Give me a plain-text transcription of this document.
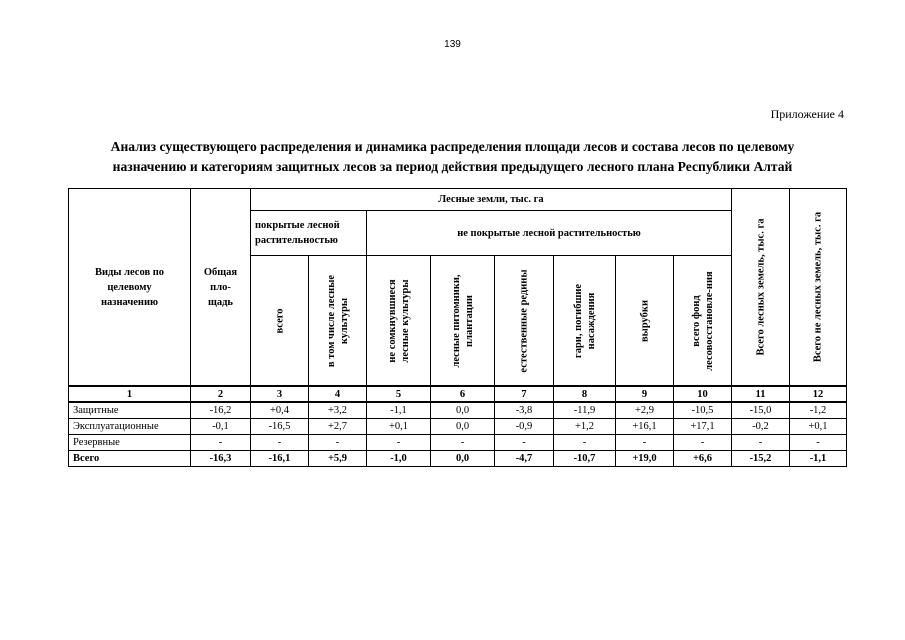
139
Приложение 4
Анализ существующего распределения и динамика распределения площади лесов и состава лесов по целевому
назначению и категориям защитных лесов за период действия предыдущего лесного плана Республики Алтай
Виды лесов по целевому назначению	Общая пло-щадь	Лесные земли, тыс. га								Всего лесных земель, тыс. га	Всего не лесных земель, тыс. га

		покрытые лесной растительностью		не покрытые лесной растительностью							

		всего	в том числе лесные культуры	не сомкнувшиеся лесные культуры	лесные питомники, плантации	естественные редины	гари, погибшие насаждения	вырубки	всего фонд лесовосстановле-ния		

1	2	3	4	5	6	7	8	9	10	11	12
Защитные	-16,2	+0,4	+3,2	-1,1	0,0	-3,8	-11,9	+2,9	-10,5	-15,0	-1,2
Эксплуатационные	-0,1	-16,5	+2,7	+0,1	0,0	-0,9	+1,2	+16,1	+17,1	-0,2	+0,1
Резервные	-	-	-	-	-	-	-	-	-	-	-
Всего	-16,3	-16,1	+5,9	-1,0	0,0	-4,7	-10,7	+19,0	+6,6	-15,2	-1,1
